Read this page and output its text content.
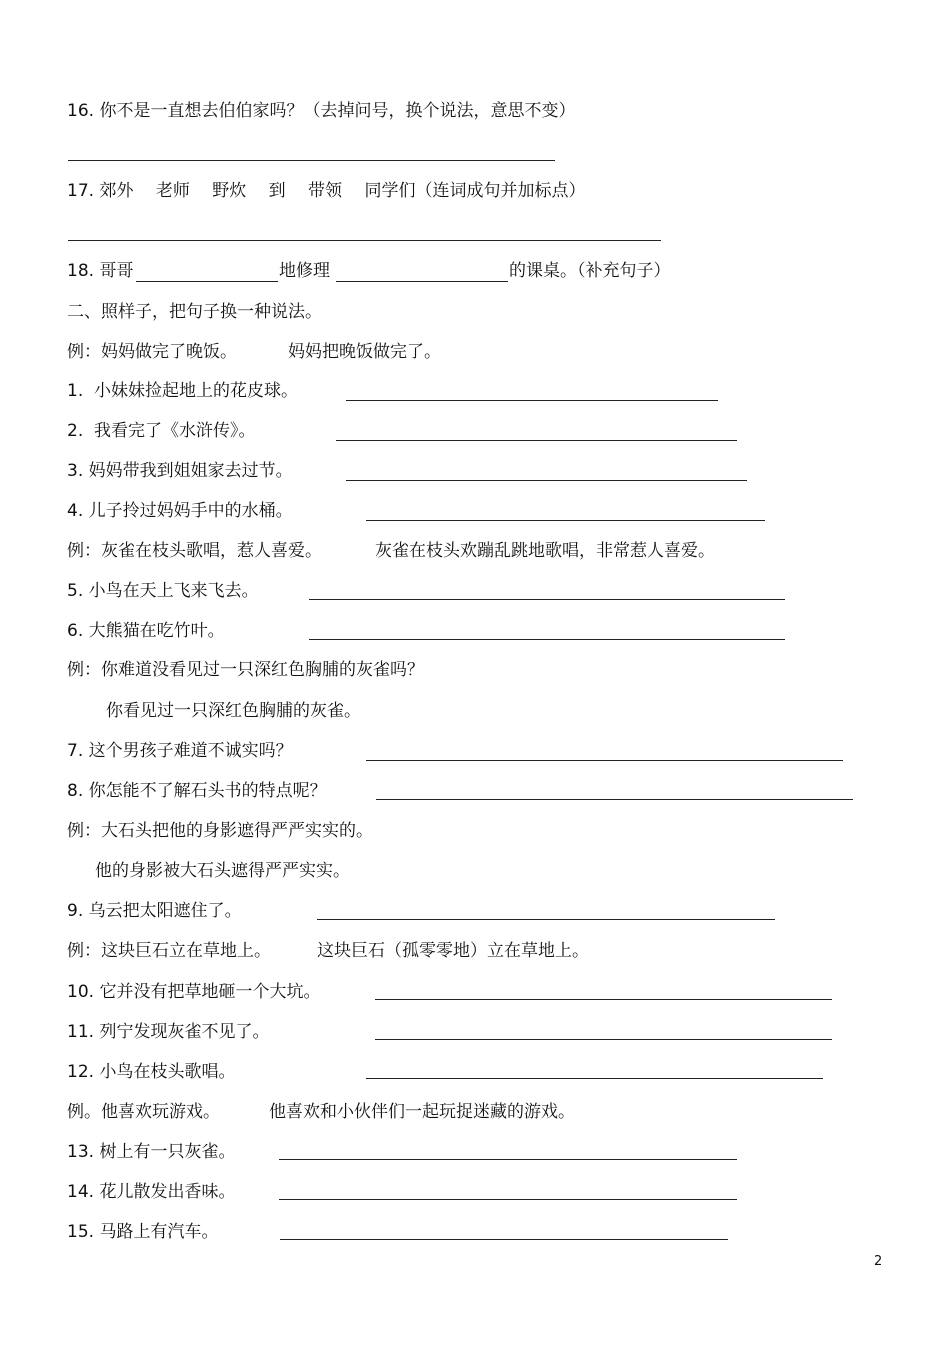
16. 你不是一直想去伯伯家吗？（去掉问号，换个说法，意思不变）
17. 郊外　 老师　 野炊　 到　 带领　 同学们（连词成句并加标点）
18. 哥哥	地修理	的课桌。（补充句子）
二、照样子，把句子换一种说法。
例：妈妈做完了晚饭。	妈妈把晚饭做完了。
1.  小妹妹捡起地上的花皮球。
2.  我看完了《水浒传》。
3. 妈妈带我到姐姐家去过节。
4. 儿子拎过妈妈手中的水桶。
例：灰雀在枝头歌唱，惹人喜爱。	灰雀在枝头欢蹦乱跳地歌唱，非常惹人喜爱。
5. 小鸟在天上飞来飞去。
6. 大熊猫在吃竹叶。
例：你难道没看见过一只深红色胸脯的灰雀吗？
你看见过一只深红色胸脯的灰雀。
7. 这个男孩子难道不诚实吗？
8. 你怎能不了解石头书的特点呢？
例：大石头把他的身影遮得严严实实的。
他的身影被大石头遮得严严实实。
9. 乌云把太阳遮住了。
例：这块巨石立在草地上。	这块巨石（孤零零地）立在草地上。
10. 它并没有把草地砸一个大坑。
11. 列宁发现灰雀不见了。
12. 小鸟在枝头歌唱。
例。他喜欢玩游戏。	他喜欢和小伙伴们一起玩捉迷藏的游戏。
13. 树上有一只灰雀。
14. 花儿散发出香味。
15. 马路上有汽车。
2
